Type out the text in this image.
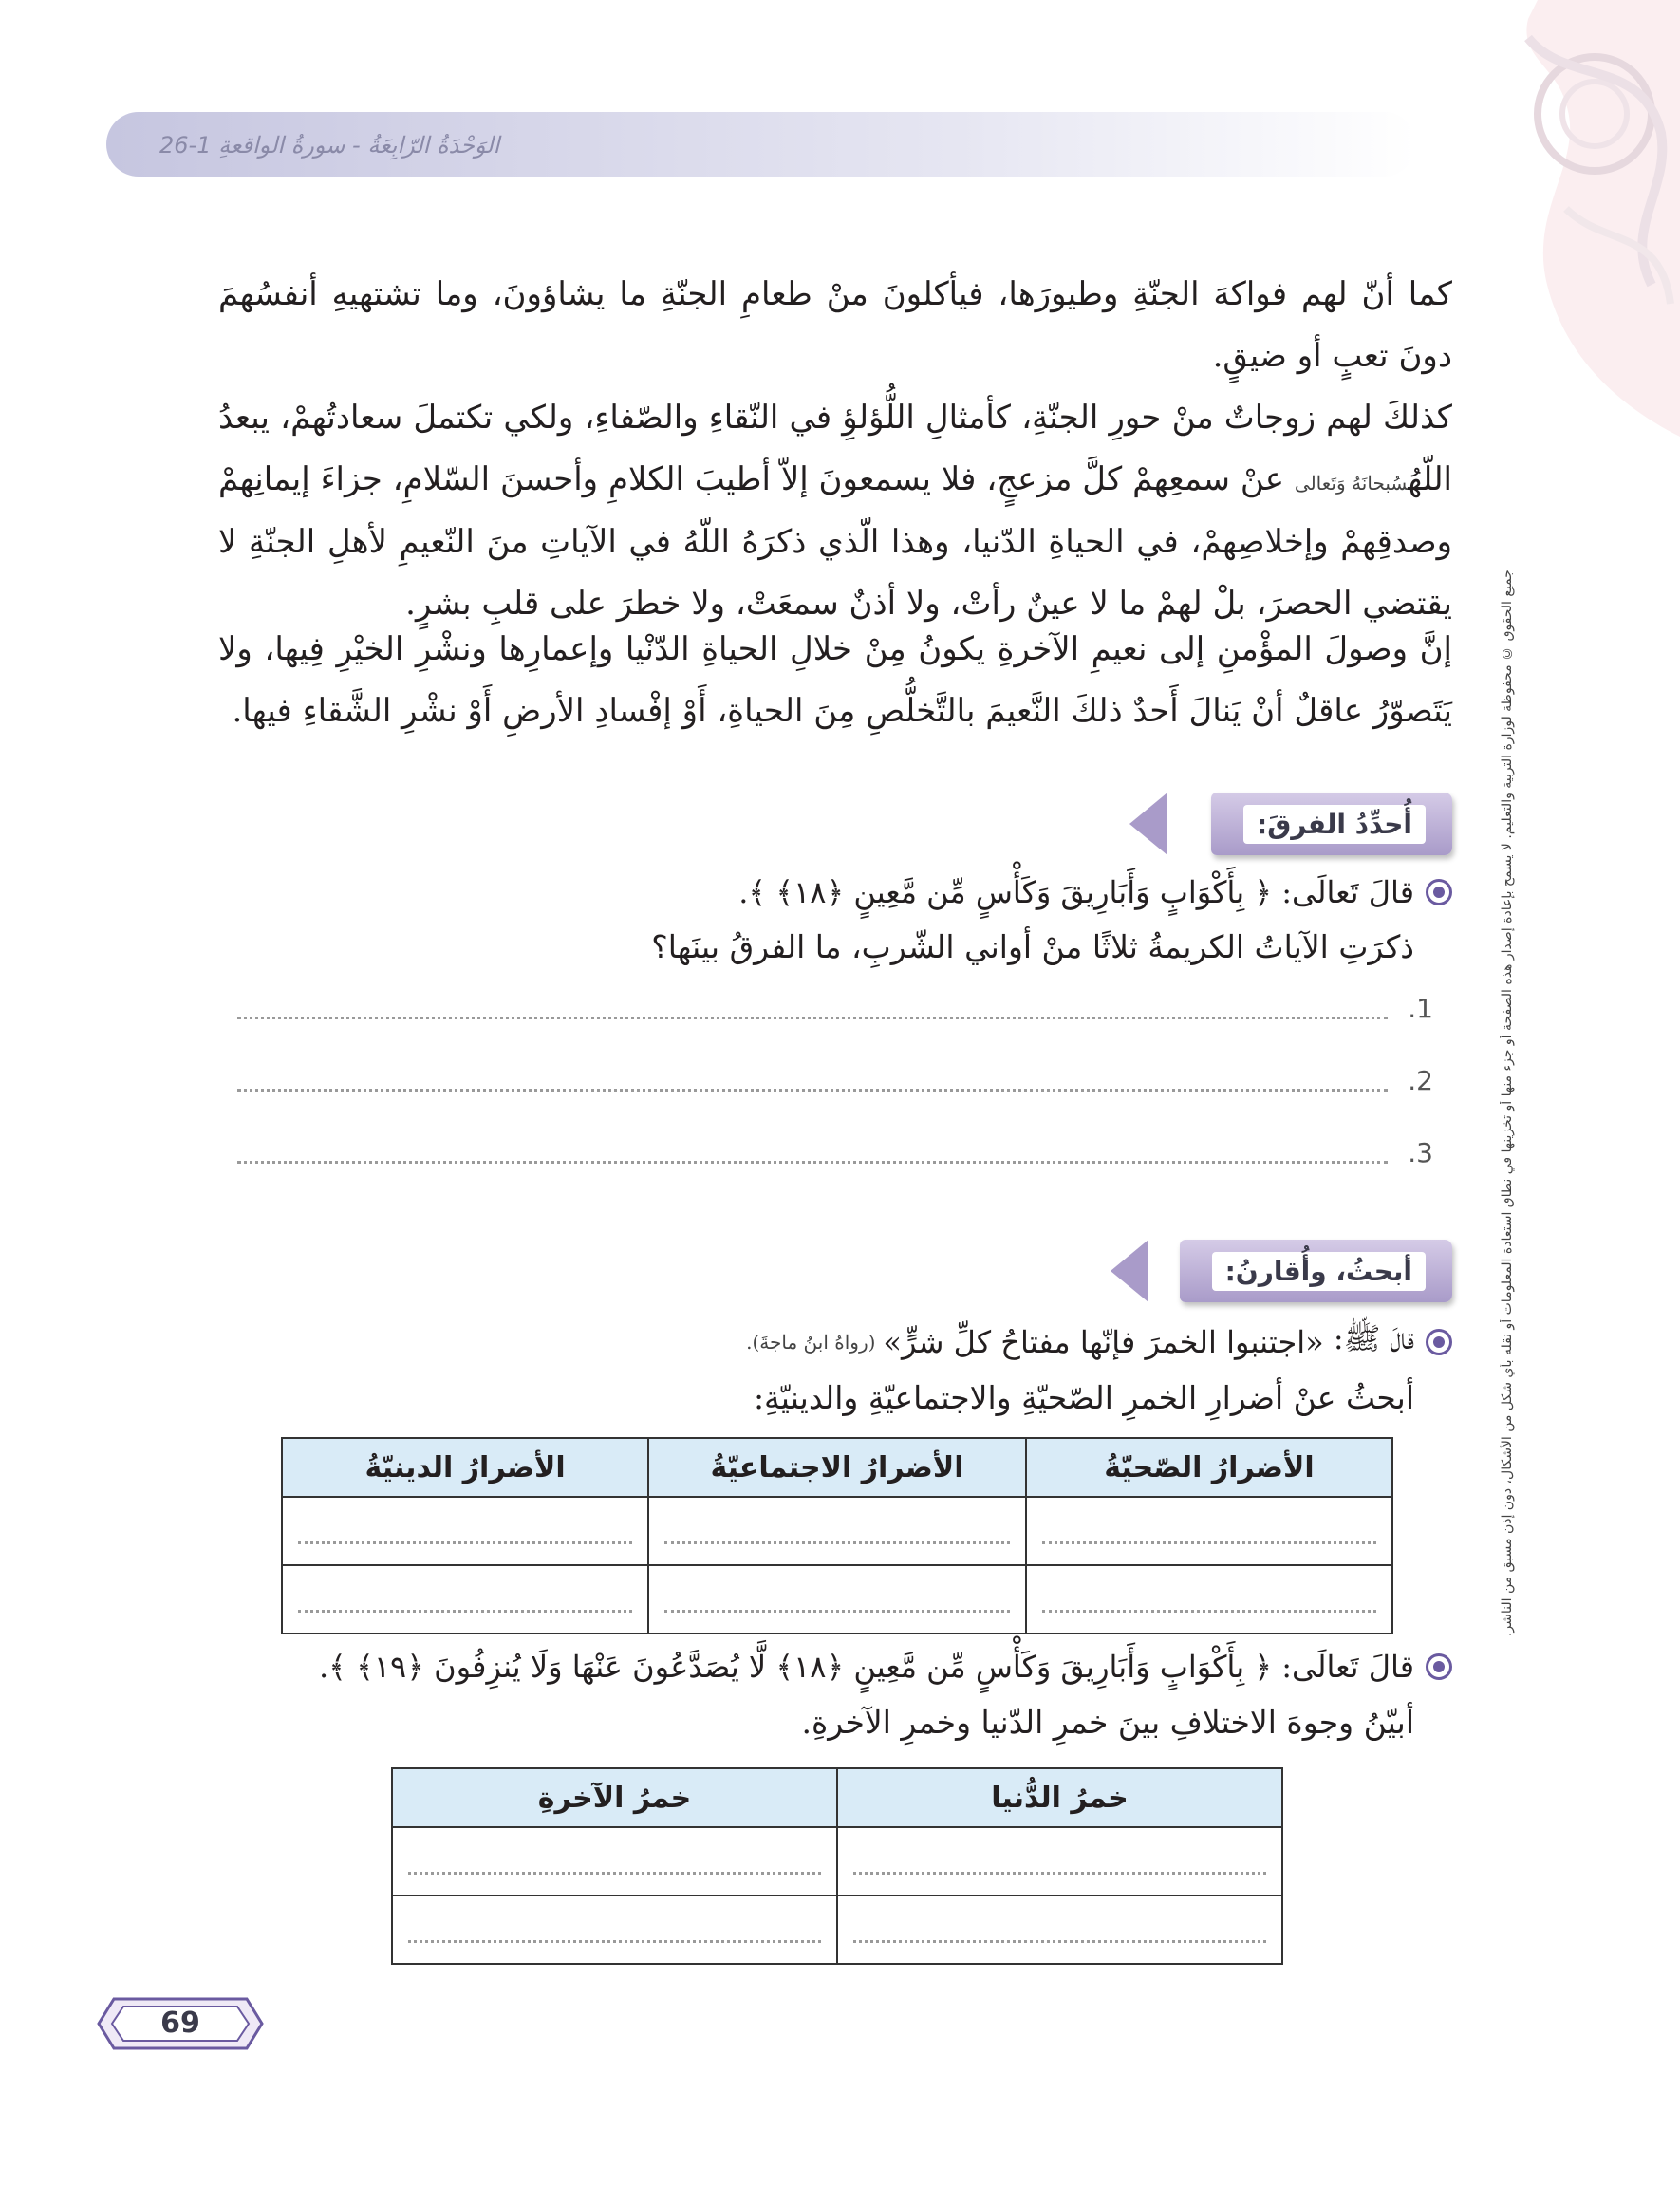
الوَحْدَةُ الرّابِعَةُ - سورةُ الواقعةِ 1-26
جميع الحقوق © محفوظة لوزارة التربية والتعليم. لا يسمح بإعادة إصدار هذه الصفحة أو جزء منها أو تخزينها في نطاق استعادة المعلومات أو نقله بأي شكل من الأشكال، دون إذن مسبق من الناشر.

كما أنّ لهم فواكهَ الجنّةِ وطيورَها، فيأكلونَ منْ طعامِ الجنّةِ ما يشاؤونَ، وما تشتهيهِ أنفسُهمَ دونَ تعبٍ أو ضيقٍ.

كذلكَ لهم زوجاتٌ منْ حورِ الجنّةِ، كأمثالِ اللُّؤلؤِ في النّقاءِ والصّفاءِ، ولكي تكتملَ سعادتُهمْ، يبعدُ اللّهُسُبحانَهُ وَتَعالى عنْ سمعِهمْ كلَّ مزعجٍ، فلا يسمعونَ إلاّ أطيبَ الكلامِ وأحسنَ السّلامِ، جزاءَ إيمانِهمْ وصدقِهمْ وإخلاصِهمْ، في الحياةِ الدّنيا، وهذا الّذي ذكرَهُ اللّهُ في الآياتِ منَ النّعيمِ لأهلِ الجنّةِ لا يقتضي الحصرَ، بلْ لهمْ ما لا عينٌ رأتْ، ولا أذنٌ سمعَتْ، ولا خطرَ على قلبِ بشرٍ.

إنَّ وصولَ المؤْمنِ إلى نعيمِ الآخرةِ يكونُ مِنْ خلالِ الحياةِ الدّنْيا وإعمارِها ونشْرِ الخيْرِ فِيها، ولا يَتَصوّرُ عاقلٌ أنْ يَنالَ أَحدٌ ذلكَ النَّعيمَ بالتَّخلُّصِ مِنَ الحياةِ، أَوْ إفْسادِ الأرضِ أَوْ نشْرِ الشَّقاءِ فيها.

أُحدِّدُ الفرقَ:
قالَ تَعالَى:

﴿ بِأَكْوَابٍ وَأَبَارِيقَ وَكَأْسٍ مِّن مَّعِينٍ ﴿١٨﴾ ﴾.
ذكرَتِ الآياتُ الكريمةُ ثلاثًا منْ أواني الشّربِ، ما الفرقُ بينَها؟
1.
2.
3.
أبحثُ، وأُقارنُ:
قالَ ﷺ:

«اجتنبوا الخمرَ فإنّها مفتاحُ كلِّ شرٍّ»
(رواهُ ابنُ ماجةَ).
أبحثُ عنْ أضرارِ الخمرِ الصّحيّةِ والاجتماعيّةِ والدينيّةِ:
الأضرارُ الصّحيّةُ	الأضرارُ الاجتماعيّةُ	الأضرارُ الدينيّةُ

قالَ تَعالَى:

﴿ بِأَكْوَابٍ وَأَبَارِيقَ وَكَأْسٍ مِّن مَّعِينٍ ﴿١٨﴾ لَّا يُصَدَّعُونَ عَنْهَا وَلَا يُنزِفُونَ ﴿١٩﴾ ﴾.
أبيّنُ وجوهَ الاختلافِ بينَ خمرِ الدّنيا وخمرِ الآخرةِ.
خمرُ الدُّنيا	خمرُ الآخرةِ

69
